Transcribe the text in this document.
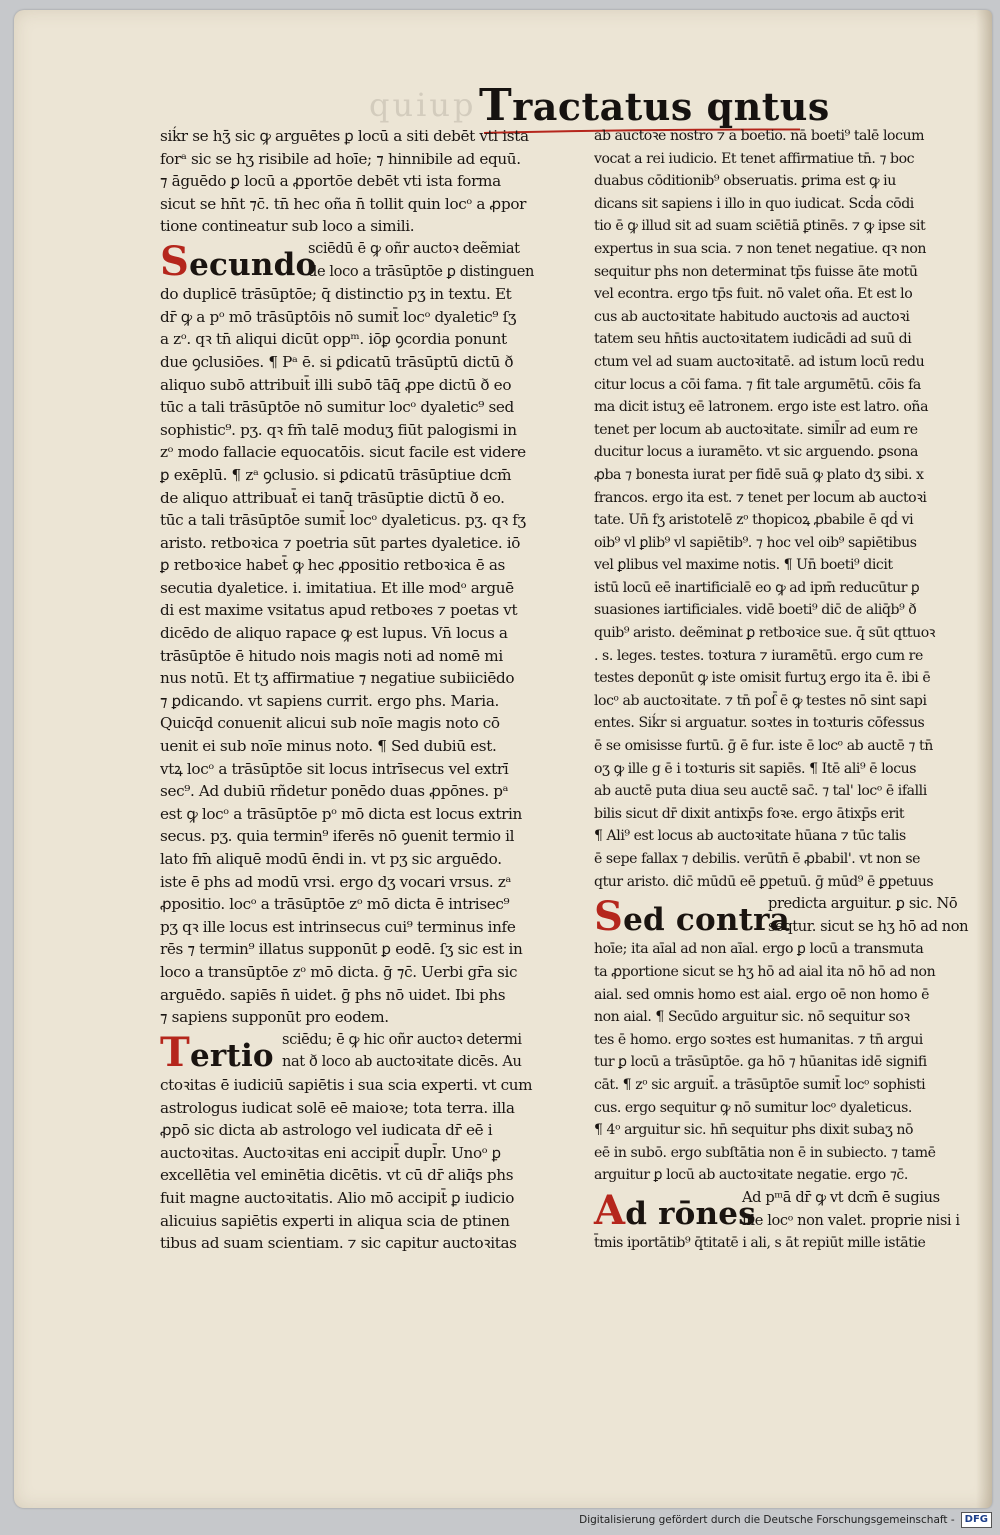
quiup Tractatus qntus
siḱr se hʒ̄ sic ꝙ arguētes ꝑ locū a siti debēt vti ista
forᵃ sic se hʒ risibile ad hoīe; ⁊ hinnibile ad equū.
⁊ āguēdo ꝑ locū a ꝓportōe debēt vti ista forma
sicut se hn̄t ⁊c̄. tn̄ hec oña n̄ tollit quin locᵒ a ꝓpor
tione contineatur sub loco a simili.
Secundo
sciēdū ē ꝙ oñr auctoꝛ deẽmiat
de loco a trāsūptōe ꝑ distinguen
do duplicē trāsūptōe; q̄ distinctio pʒ in textu. Et
dr̄ ꝙ a pᵒ mō trāsūptōis nō sumit̄ locᵒ dyaletic⁹ ſʒ
a zᵒ. qꝛ tn̄ aliqui dicūt oppᵐ. iōꝑ ꝯcordia ponunt
due ꝯclusiōes. ¶ Pᵃ ē. si ꝑdicatū trāsūptū dictū ð
aliquo subō attribuit̄ illi subō tāq̄ ꝓpe dictū ð eo
tūc a tali trāsūptōe nō sumitur locᵒ dyaletic⁹ sed
sophistic⁹. pʒ. qꝛ fm̄ talē moduʒ fiūt palogismi in
zᵒ modo fallacie equocatōis. sicut facile est videre
ꝑ exēplū. ¶ zᵃ ꝯclusio. si ꝑdicatū trāsūptiue dcm̄
de aliquo attribuat̄ ei tanq̄ trāsūptie dictū ð eo.
tūc a tali trāsūptōe sumit̄ locᵒ dyaleticus. pʒ. qꝛ fʒ
aristo. retboꝛica ⁊ poetria sūt partes dyaletice. iō
ꝑ retboꝛice habet̄ ꝙ hec ꝓpositio retboꝛica ē as
secutia dyaletice. i. imitatiua. Et ille modᵒ arguē
di est maxime vsitatus apud retboꝛes ⁊ poetas vt
dicēdo de aliquo rapace ꝙ est lupus. Vn̄ locus a
trāsūptōe ē hitudo nois magis noti ad nomē mi
nus notū. Et tʒ affirmatiue ⁊ negatiue subiiciēdo
⁊ ꝑdicando. vt sapiens currit. ergo phs. Maria.
Quicq̄d conuenit alicui sub noīe magis noto cō
uenit ei sub noīe minus noto. ¶ Sed dubiū est.
vtꝝ locᵒ a trāsūptōe sit locus intrīsecus vel extrī
sec⁹. Ad dubiū rñdetur ponēdo duas ꝓpōnes. pᵃ
est ꝙ locᵒ a trāsūptōe pᵒ mō dicta est locus extrin
secus. pʒ. quia termin⁹ iferēs nō ꝯuenit termio il
lato fm̄ aliquē modū ēndi in. vt pʒ sic arguēdo.
iste ē phs ad modū vrsi. ergo dʒ vocari vrsus. zᵃ
ꝓpositio. locᵒ a trāsūptōe zᵒ mō dicta ē intrisec⁹
pʒ qꝛ ille locus est intrinsecus cui⁹ terminus infe
rēs ⁊ termin⁹ illatus supponūt ꝑ eodē. ſʒ sic est in
loco a transūptōe zᵒ mō dicta. ḡ ⁊c̄. Uerbi gr̄a sic
arguēdo. sapiēs n̄ uidet. ḡ phs nō uidet. Ibi phs
⁊ sapiens supponūt pro eodem.
Tertio sciēdu; ē ꝙ hic oñr auctoꝛ determi
nat ð loco ab auctoꝛitate dicēs. Au
ctoꝛitas ē iudiciū sapiētis i sua scia experti. vt cum
astrologus iudicat solē eē maioꝛe; tota terra. illa
ꝓpō sic dicta ab astrologo vel iudicata dr̄ eē i
auctoꝛitas. Auctoꝛitas eni accipit̄ dupl̄r. Unoᵒ ꝑ
excellētia vel eminētia dicētis. vt cū dr̄ aliq̄s phs
fuit magne auctoꝛitatis. Alio mō accipit̄ ꝑ iudicio
alicuius sapiētis experti in aliqua scia de ptinen
tibus ad suam scientiam. ⁊ sic capitur auctoꝛitas
ab auctoꝛe nostro ⁊ a boetio. nā boeti⁹ talē locum
vocat a rei iudicio. Et tenet affirmatiue tn̄. ⁊ boc
duabus cōditionib⁹ obseruatis. ꝑrima est ꝙ iu
dicans sit sapiens i illo in quo iudicat. Scḋa cōdi
tio ē ꝙ illud sit ad suam sciētiā ꝑtinēs. ⁊ ꝙ ipse sit
expertus in sua scia. ⁊ non tenet negatiue. qꝛ non
sequitur phs non determinat tp̄s fuisse āte motū
vel econtra. ergo tp̄s fuit. nō valet oña. Et est lo
cus ab auctoꝛitate habitudo auctoꝛis ad auctoꝛi
tatem seu hn̄tis auctoꝛitatem iudicādi ad suū di
ctum vel ad suam auctoꝛitatē. ad istum locū redu
citur locus a cōi fama. ⁊ fit tale argumētū. cōis fa
ma dicit istuʒ eē latronem. ergo iste est latro. oña
tenet per locum ab auctoꝛitate. simil̄r ad eum re
ducitur locus a iuramēto. vt sic arguendo. ꝑsona
ꝓba ⁊ bonesta iurat per fidē suā ꝙ plato dʒ sibi. x
francos. ergo ita est. ⁊ tenet per locum ab auctoꝛi
tate. Un̄ fʒ aristotelē zᵒ thopicoꝝ ꝓbabile ē qḋ vi
oib⁹ vl ꝑlib⁹ vl sapiētib⁹. ⁊ hoc vel oib⁹ sapiētibus
vel ꝑlibus vel maxime notis. ¶ Un̄ boeti⁹ dicit
istū locū eē inartificialē eo ꝙ ad ipm̄ reducūtur ꝑ
suasiones iartificiales. vidē boeti⁹ dic̄ de aliq̄b⁹ ð
quib⁹ aristo. deẽminat ꝑ retboꝛice sue. q̄ sūt qttuoꝛ
. s. leges. testes. toꝛtura ⁊ iuramētū. ergo cum re
testes deponūt ꝙ iste omisit furtuʒ ergo ita ē. ibi ē
locᵒ ab auctoꝛitate. ⁊ tn̄ poſ̄ ē ꝙ testes nō sint sapi
entes. Siḱr si arguatur. soꝛtes in toꝛturis cōfessus
ē se omisisse furtū. ḡ ē fur. iste ē locᵒ ab auctē ⁊ tn̄
oʒ ꝙ ille g ē i toꝛturis sit sapiēs. ¶ Itē ali⁹ ē locus
ab auctē puta diua seu auctē sac̄. ⁊ tal' locᵒ ē ifalli
bilis sicut dr̄ dixit antixp̄s foꝛe. ergo ātixp̄s erit
¶ Ali⁹ est locus ab auctoꝛitate hūana ⁊ tūc talis
ē sepe fallax ⁊ debilis. verūtn̄ ē ꝓbabil'. vt non se
qtur aristo. dic̄ mūdū eē ꝑpetuū. ḡ mūd⁹ ē ꝑpetuus
Sed contra
predicta arguitur. ꝑ sic. Nō
seqtur. sicut se hʒ hō ad non
hoīe; ita aīal ad non aīal. ergo ꝑ locū a transmuta
ta ꝓportione sicut se hʒ hō ad aial ita nō hō ad non
aial. sed omnis homo est aial. ergo oē non homo ē
non aial. ¶ Secūdo arguitur sic. nō sequitur soꝛ
tes ē homo. ergo soꝛtes est humanitas. ⁊ tn̄ argui
tur ꝑ locū a trāsūptōe. ga hō ⁊ hūanitas idē signifi
cāt. ¶ zᵒ sic arguit̄. a trāsūptōe sumit̄ locᵒ sophisti
cus. ergo sequitur ꝙ nō sumitur locᵒ dyaleticus.
¶ 4ᵒ arguitur sic. hn̄ sequitur phs dixit subaʒ nō
eē in subō. ergo subſtātia non ē in subiecto. ⁊ tamē
arguitur ꝑ locū ab auctoꝛitate negatie. ergo ⁊c̄.
Ad rōnes
Ad pᵐā dr̄ ꝙ vt dcm̄ ē sugius
ille locᵒ non valet. proprie nisi i
t̄mis iportātib⁹ q̄titatē i ali, s āt repiūt mille istātie
Digitalisierung gefördert durch die Deutsche Forschungsgemeinschaft -	DFG
